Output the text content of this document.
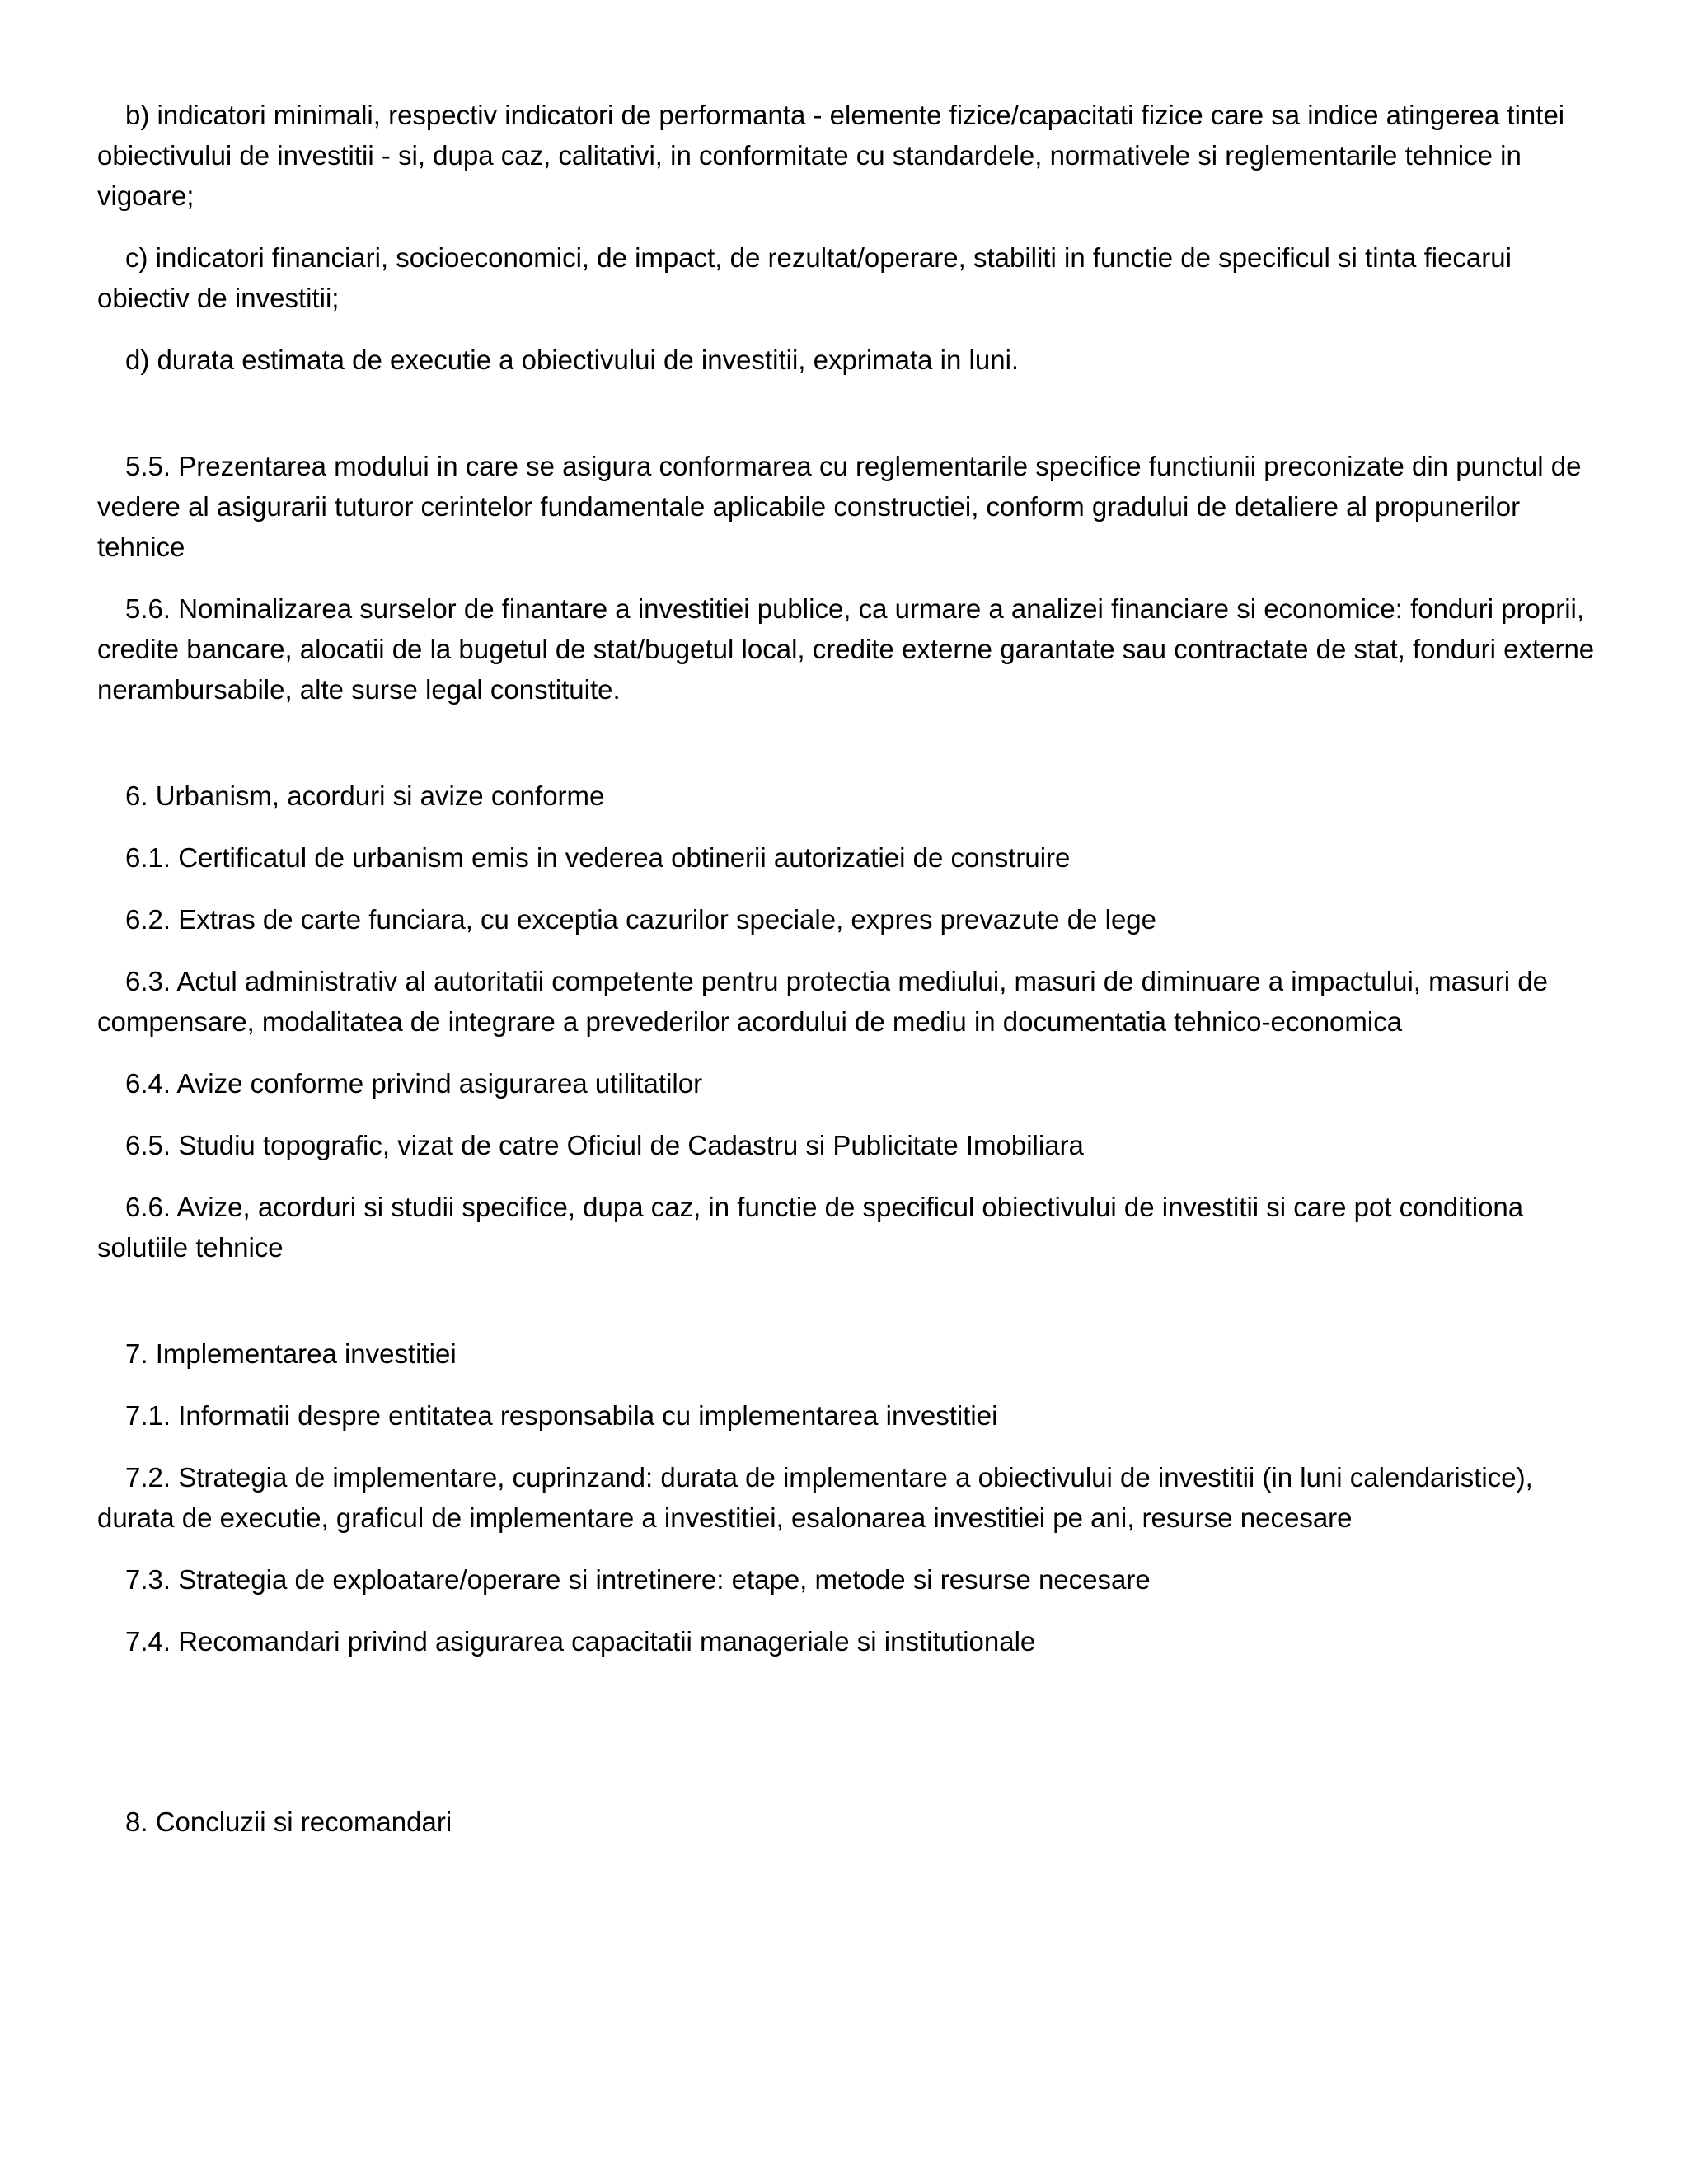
b) indicatori minimali, respectiv indicatori de performanta - elemente fizice/capacitati fizice care sa indice atingerea tintei obiectivului de investitii - si, dupa caz, calitativi, in conformitate cu standardele, normativele si reglementarile tehnice in vigoare;

c) indicatori financiari, socioeconomici, de impact, de rezultat/operare, stabiliti in functie de specificul si tinta fiecarui obiectiv de investitii;

d) durata estimata de executie a obiectivului de investitii, exprimata in luni.

5.5. Prezentarea modului in care se asigura conformarea cu reglementarile specifice functiunii preconizate din punctul de vedere al asigurarii tuturor cerintelor fundamentale aplicabile constructiei, conform gradului de detaliere al propunerilor tehnice

5.6. Nominalizarea surselor de finantare a investitiei publice, ca urmare a analizei financiare si economice: fonduri proprii, credite bancare, alocatii de la bugetul de stat/bugetul local, credite externe garantate sau contractate de stat, fonduri externe nerambursabile, alte surse legal constituite.

6. Urbanism, acorduri si avize conforme

6.1. Certificatul de urbanism emis in vederea obtinerii autorizatiei de construire

6.2. Extras de carte funciara, cu exceptia cazurilor speciale, expres prevazute de lege

6.3. Actul administrativ al autoritatii competente pentru protectia mediului, masuri de diminuare a impactului, masuri de compensare, modalitatea de integrare a prevederilor acordului de mediu in documentatia tehnico-economica

6.4. Avize conforme privind asigurarea utilitatilor

6.5. Studiu topografic, vizat de catre Oficiul de Cadastru si Publicitate Imobiliara

6.6. Avize, acorduri si studii specifice, dupa caz, in functie de specificul obiectivului de investitii si care pot conditiona solutiile tehnice

7. Implementarea investitiei

7.1. Informatii despre entitatea responsabila cu implementarea investitiei

7.2. Strategia de implementare, cuprinzand: durata de implementare a obiectivului de investitii (in luni calendaristice), durata de executie, graficul de implementare a investitiei, esalonarea investitiei pe ani, resurse necesare

7.3. Strategia de exploatare/operare si intretinere: etape, metode si resurse necesare

7.4. Recomandari privind asigurarea capacitatii manageriale si institutionale

8. Concluzii si recomandari
